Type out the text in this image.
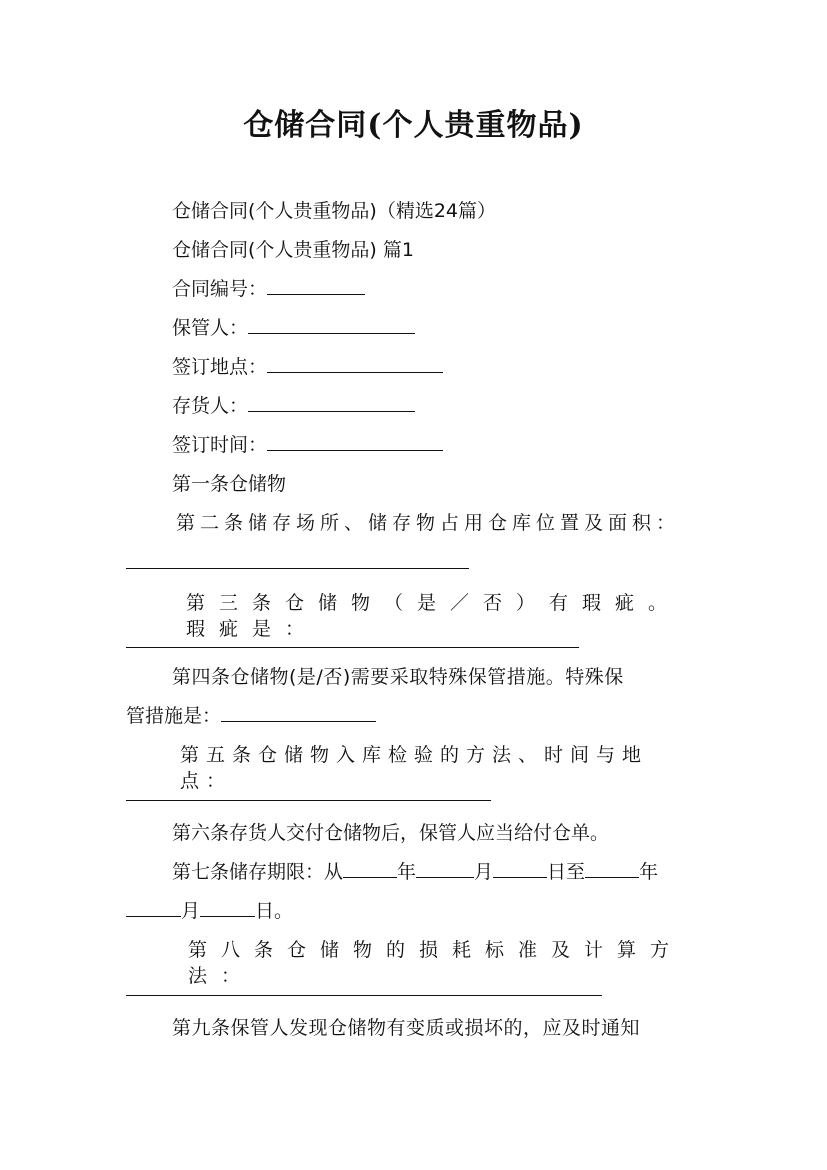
仓储合同(个人贵重物品)
仓储合同(个人贵重物品)（精选24篇）
仓储合同(个人贵重物品) 篇1
合同编号：
保管人：
签订地点：
存货人：
签订时间：
第一条仓储物
第二条储存场所、储存物占用仓库位置及面积：
第三条仓储物（是／否）有瑕疵。瑕疵是：
第四条仓储物(是/否)需要采取特殊保管措施。特殊保
管措施是：
第五条仓储物入库检验的方法、时间与地点：
第六条存货人交付仓储物后，保管人应当给付仓单。
第七条储存期限：从	年	月	日至	年
月	日。
第八条仓储物的损耗标准及计算方法：
第九条保管人发现仓储物有变质或损坏的，应及时通知
